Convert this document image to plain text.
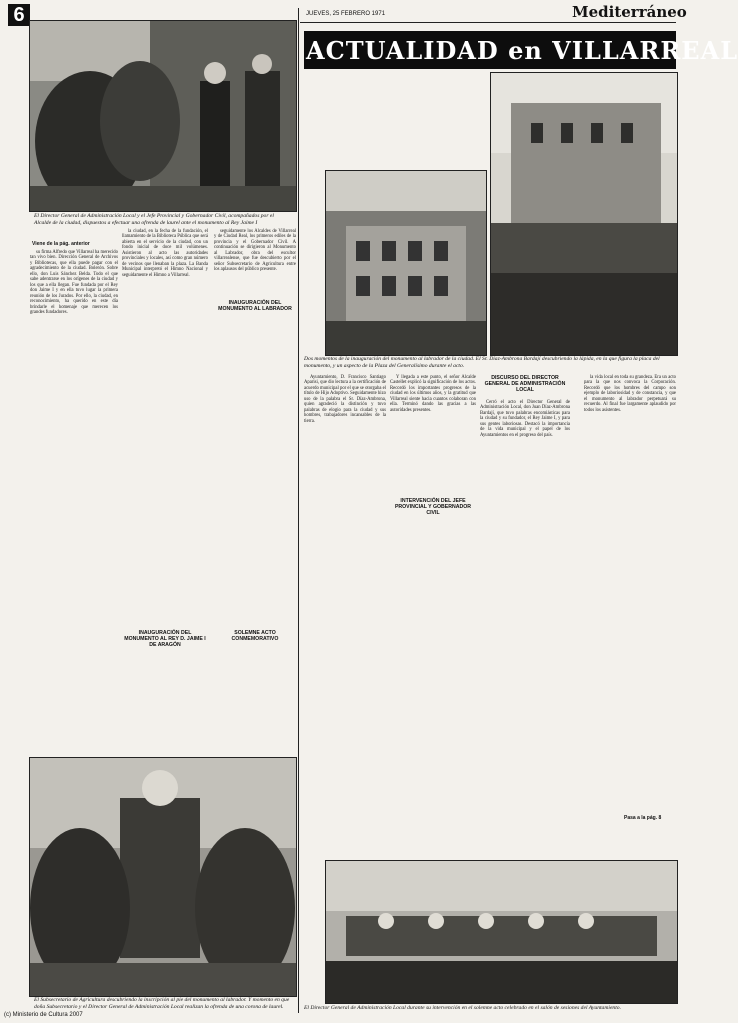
6	JUEVES, 25 FEBRERO 1971	Mediterráneo
ACTUALIDAD en VILLARREAL
El Director General de Administración Local y el Jefe Provincial y Gobernador Civil, acompañados por el Alcalde de la ciudad, dispuestos a efectuar una ofrenda de laurel ante el monumento al Rey Jaime I
Dos momentos de la inauguración del monumento al labrador de la ciudad. El Sr. Díaz-Ambrona Bardají descubriendo la lápida, en la que figura la placa del monumento, y un aspecto de la Plaza del Generalísimo durante el acto.
Viene de la pág. anterior

su firma Alfredo que Villarreal ha merecido tan vivo bien. Dirección General de Archivos y Bibliotecas, que ella puede pagar con el agradecimiento de la ciudad. Bolerón. Sobre ello, don Luis Sánchez Belda. Todo el que sabe adentrarse en los orígenes de la ciudad y los que a ella llegan. Fue fundada por el Rey don Jaime I y en ella tuvo lugar la primera reunión de los Jurados. Por ello, la ciudad, en reconocimiento, ha querido en este día brindarle el homenaje que merecen los grandes fundadores.

la ciudad, en la fecha de la fundación, el llamamiento de la Biblioteca Pública que será abierta en el servicio de la ciudad, con un fondo inicial de doce mil volúmenes. Asistieron al acto las autoridades provinciales y locales, así como gran número de vecinos que llenaban la plaza. La Banda Municipal interpretó el Himno Nacional y seguidamente el Himno a Villarreal.

INAUGURACIÓN DEL MONUMENTO AL REY D. JAIME I DE ARAGÓN

seguidamente los Alcaldes de Villarreal y de Ciudad Real, los primeros ediles de la provincia y el Gobernador Civil. A continuación se dirigieron al Monumento al Labrador, obra del escultor villarrealense, que fue descubierto por el señor Subsecretario de Agricultura entre los aplausos del público presente.

INAUGURACIÓN DEL MONUMENTO AL LABRADOR
SOLEMNE ACTO CONMEMORATIVO

Ayuntamiento, D. Francisco Santiago Aparisi, que dio lectura a la certificación de acuerdo municipal por el que se otorgaba el título de Hijo Adoptivo. Seguidamente hizo uso de la palabra el Sr. Díaz-Ambrona, quien agradeció la distinción y tuvo palabras de elogio para la ciudad y sus hombres, trabajadores incansables de la tierra.

Y llegada a este punto, el señor Alcalde Castellet explicó la significación de los actos. Recordó los importantes progresos de la ciudad en los últimos años, y la gratitud que Villarreal siente hacia cuantos colaboran con ella. Terminó dando las gracias a las autoridades presentes.

INTERVENCIÓN DEL JEFE PROVINCIAL Y GOBERNADOR CIVIL
DISCURSO DEL DIRECTOR GENERAL DE ADMINISTRACIÓN LOCAL

Cerró el acto el Director General de Administración Local, don Juan Díaz-Ambrona Bardají, que tuvo palabras encomiásticas para la ciudad y su fundador, el Rey Jaime I, y para sus gentes laboriosas. Destacó la importancia de la vida municipal y el papel de los Ayuntamientos en el progreso del país.

la vida local en toda su grandeza. Era un acto para la que nos convoca la Corporación. Recordó que los hombres del campo son ejemplo de laboriosidad y de constancia, y que el monumento al labrador perpetuará su recuerdo. Al final fue largamente aplaudido por todos los asistentes.

Pasa a la pág. 8
El Subsecretario de Agricultura descubriendo la inscripción al pie del monumento al labrador. Y momento en que doña Subsecretario y el Director General de Administración Local realizan la ofrenda de una corona de laurel.	El Director General de Administración Local durante su intervención en el solemne acto celebrado en el salón de sesiones del Ayuntamiento.
(c) Ministerio de Cultura 2007
